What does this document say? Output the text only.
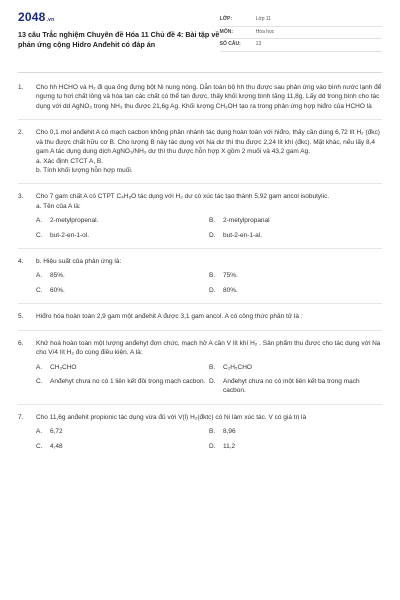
2048.vn
13 câu Trắc nghiệm Chuyên đề Hóa 11 Chủ đề 4: Bài tập về phản ứng cộng Hidro Anđehit có đáp án
LỚP:	Lớp 11
MÔN:	Hóa học
SỐ CÂU:	13
1.	Cho hh HCHO và H₂ đi qua ống đựng bột Ni nung nóng. Dẫn toàn bộ hh thu được sau phản ứng vào bình nước lạnh để ngưng tụ hơi chất lỏng và hòa tan các chất có thể tan được, thấy khối lượng bình tăng 11,8g. Lấy dd trong bình cho tác dụng với dd AgNO₃ trong NH₃ thu được 21,6g Ag. Khối lượng CH₃OH tạo ra trong phản ứng hợp hiđro của HCHO là
2.	Cho 0,1 mol anđehit A có mạch cacbon không phân nhánh tác dụng hoàn toàn với hiđro, thấy cần dùng 6,72 lít H₂ (đkc) và thu được chất hữu cơ B. Cho lượng B này tác dụng với Na dư thì thu được 2,24 lít khí (đkc). Mặt khác, nếu lấy 8,4 gam A tác dụng dung dịch AgNO₃/NH₃ dư thì thu được hỗn hợp X gồm 2 muối và 43,2 gam Ag.
a. Xác định CTCT A, B.
b. Tính khối lượng hỗn hợp muối.
3.	Cho 7 gam chất A có CTPT C₄H₈O tác dụng với H₂ dư có xúc tác tạo thành 5,92 gam ancol isobutylic.
a. Tên của A là:
A.	2-metylpropenal.	B.	2-metylpropanal
C.	but-2-en-1-ol.	D.	but-2-en-1-al.
4.	b. Hiệu suất của phản ứng là:
A.	85%.	B.	75%.
C.	60%.	D.	80%.
5.	Hiđro hóa hoàn toàn 2,9 gam một anđehit A được 3,1 gam ancol. A có công thức phân tử là :
6.	Khử hoá hoàn toàn một lượng anđehyt đơn chức, mạch hở A cần V lít khí H₂ . Sản phẩm thu được cho tác dụng với Na cho V/4 lít H₂ đo cùng điều kiện. A là:
A.	CH₃CHO	B.	C₂H₅CHO
C.	Anđehyt chưa no có 1 liên kết đôi trong mạch cacbon. D.	Anđehyt chưa no có một liên kết ba trong mạch cacbon.
7.	Cho 11,6g anđehit propionic tác dụng vừa đủ với V(l) H₂(đktc) có Ni làm xúc tác. V có giá trị là
A.	6,72	B.	8,96
C.	4,48	D.	11,2
